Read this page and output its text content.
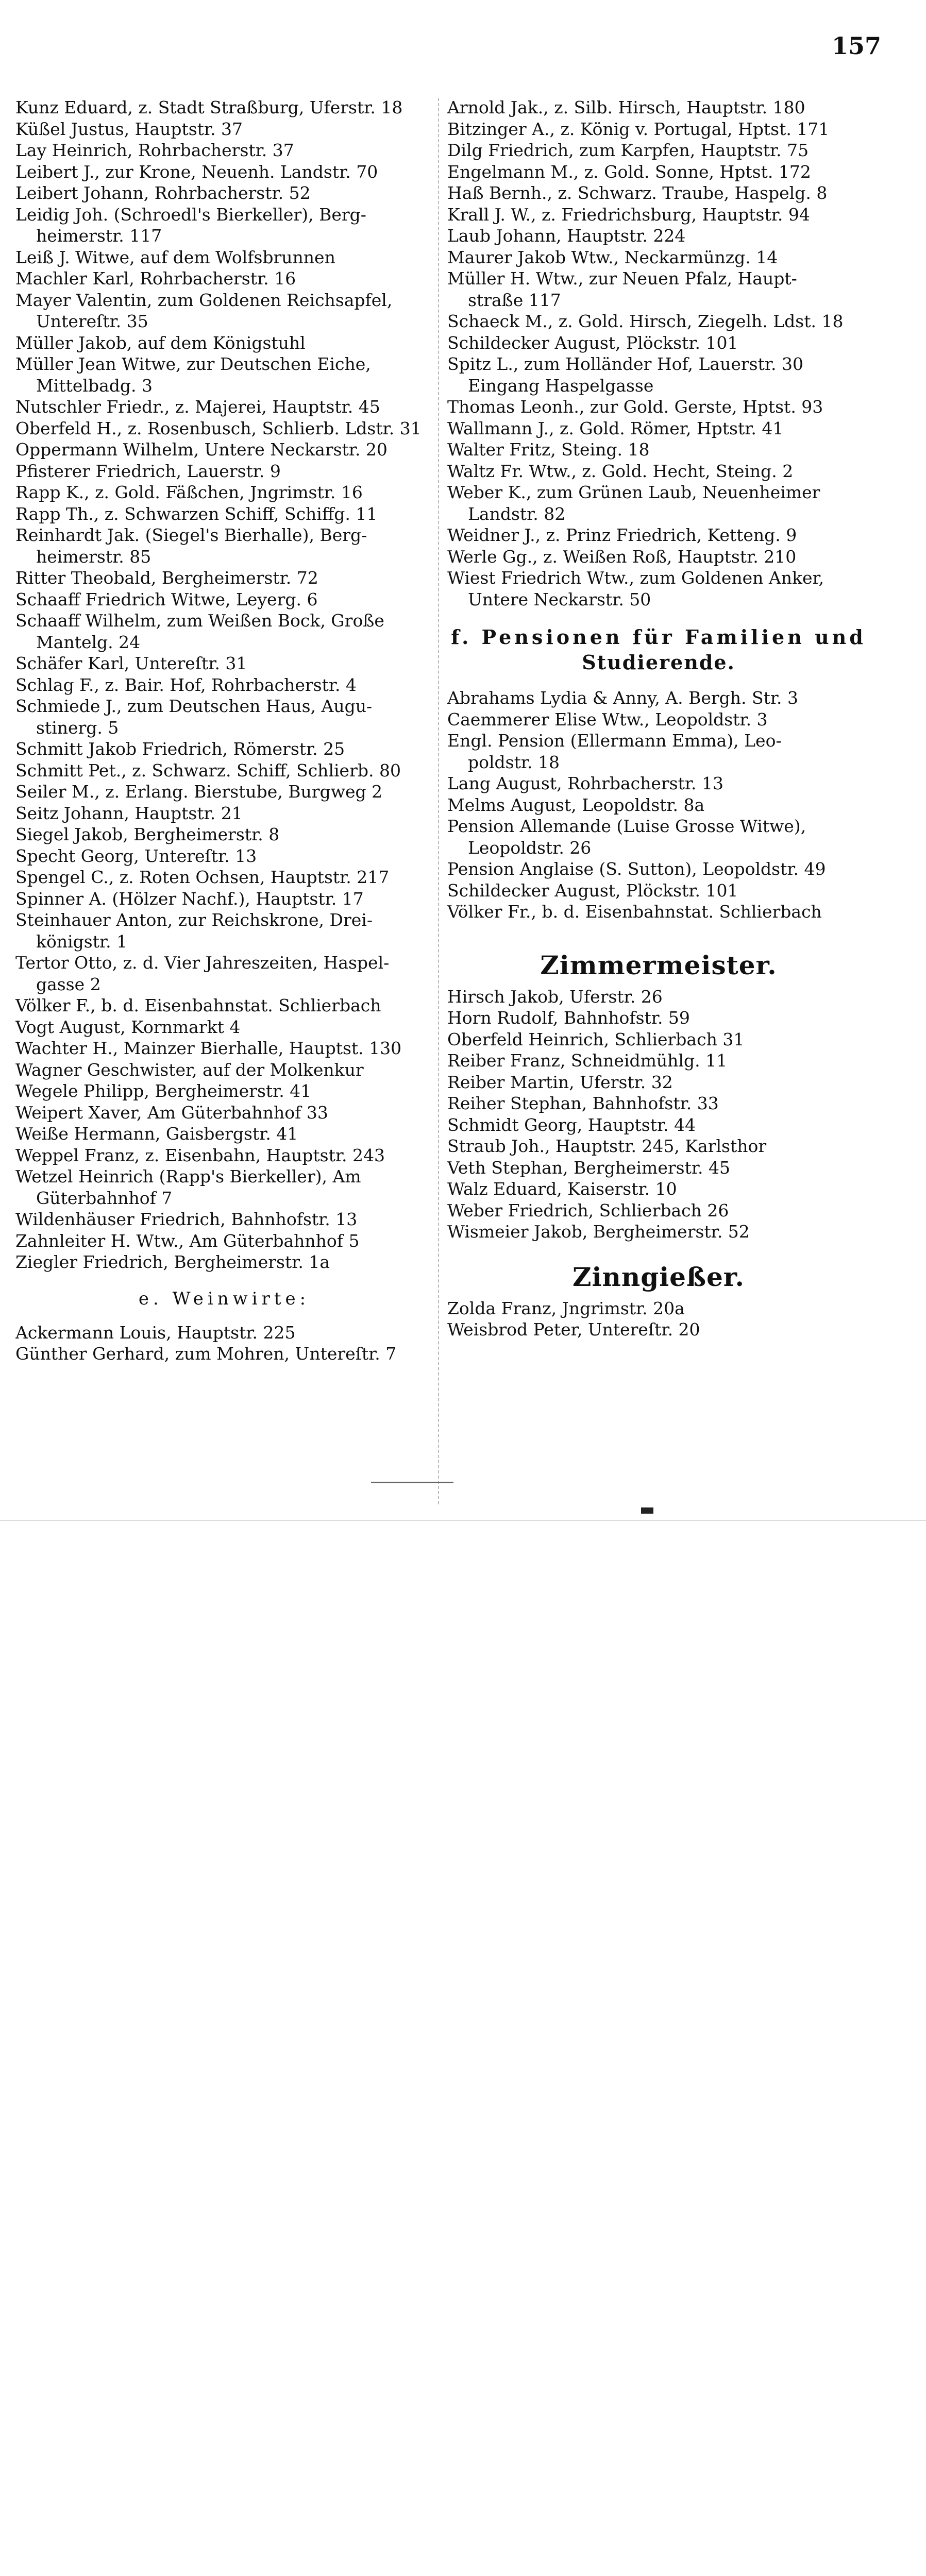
157
Kunz Eduard, z. Stadt Straßburg, Uferstr. 18
Küßel Justus, Hauptstr. 37
Lay Heinrich, Rohrbacherstr. 37
Leibert J., zur Krone, Neuenh. Landstr. 70
Leibert Johann, Rohrbacherstr. 52
Leidig Joh. (Schroedl's Bierkeller), Berg-
heimerstr. 117
Leiß J. Witwe, auf dem Wolfsbrunnen
Machler Karl, Rohrbacherstr. 16
Mayer Valentin, zum Goldenen Reichsapfel,
Untereſtr. 35
Müller Jakob, auf dem Königstuhl
Müller Jean Witwe, zur Deutschen Eiche,
Mittelbadg. 3
Nutschler Friedr., z. Majerei, Hauptstr. 45
Oberfeld H., z. Rosenbusch, Schlierb. Ldstr. 31
Oppermann Wilhelm, Untere Neckarstr. 20
Pfisterer Friedrich, Lauerstr. 9
Rapp K., z. Gold. Fäßchen, Jngrimstr. 16
Rapp Th., z. Schwarzen Schiff, Schiffg. 11
Reinhardt Jak. (Siegel's Bierhalle), Berg-
heimerstr. 85
Ritter Theobald, Bergheimerstr. 72
Schaaff Friedrich Witwe, Leyerg. 6
Schaaff Wilhelm, zum Weißen Bock, Große
Mantelg. 24
Schäfer Karl, Untereſtr. 31
Schlag F., z. Bair. Hof, Rohrbacherstr. 4
Schmiede J., zum Deutschen Haus, Augu-
stinerg. 5
Schmitt Jakob Friedrich, Römerstr. 25
Schmitt Pet., z. Schwarz. Schiff, Schlierb. 80
Seiler M., z. Erlang. Bierstube, Burgweg 2
Seitz Johann, Hauptstr. 21
Siegel Jakob, Bergheimerstr. 8
Specht Georg, Untereſtr. 13
Spengel C., z. Roten Ochsen, Hauptstr. 217
Spinner A. (Hölzer Nachf.), Hauptstr. 17
Steinhauer Anton, zur Reichskrone, Drei-
königstr. 1
Tertor Otto, z. d. Vier Jahreszeiten, Haspel-
gasse 2
Völker F., b. d. Eisenbahnstat. Schlierbach
Vogt August, Kornmarkt 4
Wachter H., Mainzer Bierhalle, Hauptst. 130
Wagner Geschwister, auf der Molkenkur
Wegele Philipp, Bergheimerstr. 41
Weipert Xaver, Am Güterbahnhof 33
Weiße Hermann, Gaisbergstr. 41
Weppel Franz, z. Eisenbahn, Hauptstr. 243
Wetzel Heinrich (Rapp's Bierkeller), Am
Güterbahnhof 7
Wildenhäuser Friedrich, Bahnhofstr. 13
Zahnleiter H. Wtw., Am Güterbahnhof 5
Ziegler Friedrich, Bergheimerstr. 1a
e. Weinwirte:
Ackermann Louis, Hauptstr. 225
Günther Gerhard, zum Mohren, Untereſtr. 7
Arnold Jak., z. Silb. Hirsch, Hauptstr. 180
Bitzinger A., z. König v. Portugal, Hptst. 171
Dilg Friedrich, zum Karpfen, Hauptstr. 75
Engelmann M., z. Gold. Sonne, Hptst. 172
Haß Bernh., z. Schwarz. Traube, Haspelg. 8
Krall J. W., z. Friedrichsburg, Hauptstr. 94
Laub Johann, Hauptstr. 224
Maurer Jakob Wtw., Neckarmünzg. 14
Müller H. Wtw., zur Neuen Pfalz, Haupt-
straße 117
Schaeck M., z. Gold. Hirsch, Ziegelh. Ldst. 18
Schildecker August, Plöckstr. 101
Spitz L., zum Holländer Hof, Lauerstr. 30
Eingang Haspelgasse
Thomas Leonh., zur Gold. Gerste, Hptst. 93
Wallmann J., z. Gold. Römer, Hptstr. 41
Walter Fritz, Steing. 18
Waltz Fr. Wtw., z. Gold. Hecht, Steing. 2
Weber K., zum Grünen Laub, Neuenheimer
Landstr. 82
Weidner J., z. Prinz Friedrich, Ketteng. 9
Werle Gg., z. Weißen Roß, Hauptstr. 210
Wiest Friedrich Wtw., zum Goldenen Anker,
Untere Neckarstr. 50
f. Pensionen für Familien und
Studierende.
Abrahams Lydia & Anny, A. Bergh. Str. 3
Caemmerer Elise Wtw., Leopoldstr. 3
Engl. Pension (Ellermann Emma), Leo-
poldstr. 18
Lang August, Rohrbacherstr. 13
Melms August, Leopoldstr. 8a
Pension Allemande (Luise Grosse Witwe),
Leopoldstr. 26
Pension Anglaise (S. Sutton), Leopoldstr. 49
Schildecker August, Plöckstr. 101
Völker Fr., b. d. Eisenbahnstat. Schlierbach
Zimmermeister.
Hirsch Jakob, Uferstr. 26
Horn Rudolf, Bahnhofstr. 59
Oberfeld Heinrich, Schlierbach 31
Reiber Franz, Schneidmühlg. 11
Reiber Martin, Uferstr. 32
Reiher Stephan, Bahnhofstr. 33
Schmidt Georg, Hauptstr. 44
Straub Joh., Hauptstr. 245, Karlsthor
Veth Stephan, Bergheimerstr. 45
Walz Eduard, Kaiserstr. 10
Weber Friedrich, Schlierbach 26
Wismeier Jakob, Bergheimerstr. 52
Zinngießer.
Zolda Franz, Jngrimstr. 20a
Weisbrod Peter, Untereſtr. 20
